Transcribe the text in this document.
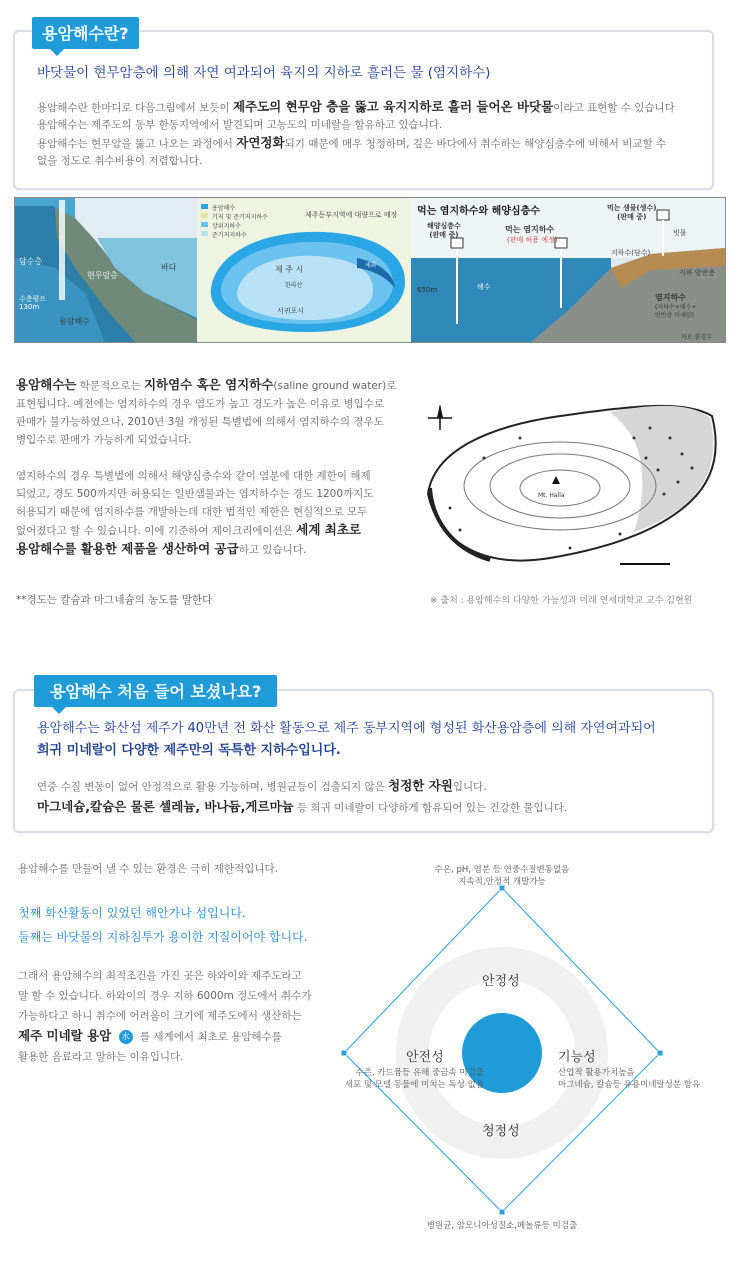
용암해수란?
바닷물이 현무암층에 의해 자연 여과되어 육지의 지하로 흘러든 물 (염지하수)
용암해수란 한마디로 다음그림에서 보듯이 제주도의 현무암 층을 뚫고 육지지하로 흘러 들어온 바닷물이라고 표현할 수 있습니다
용암해수는 제주도의 동부 한동지역에서 발견되며 고농도의 미네랄을 함유하고 있습니다.
용암해수는 현무암을 뚫고 나오는 과정에서 자연정화되기 때문에 매우 청정하며, 깊은 바다에서 취수하는 해양심층수에 비해서 비교할 수
없을 정도로 취수비용이 저렴합니다.
담수층
수층평프
130m
현무암층
바다
용암해수
용암해수
기저 및 준기저지하수
상위지하수
준기저지하수
제주동부지역에 대량으로 매장
제 주 시
한라산
서귀포시
세화
먹는 염지하수와 해양심층수	먹는 샘물(생수)
(판매 중)
해양심층수
(판매 중)
먹는 염지하수
(판매 허용 예정)
빗물
지하수(담수)
650m	해수
지하 암반층
염지하수
(지하수+해수+
암반층 미네랄)
자료:환경부
용암해수는 학문적으로는 지하염수 혹은 염지하수(saline ground water)로
표현됩니다. 예전에는 염지하수의 경우 염도가 높고 경도가 높은 이유로 병입수로
판매가 불가능하였으나, 2010년 3월 개정된 특별법에 의해서 염지하수의 경우도
병입수로 판매가 가능하게 되었습니다.
염지하수의 경우 특별법에 의해서 해양심층수와 같이 염분에 대한 제한이 해제
되었고, 경도 500까지만 허용되는 일반샘물과는 염지하수는 경도 1200까지도
허용되기 때문에 염지하수를 개발하는데 대한 법적인 제한은 현실적으로 모두
없어졌다고 할 수 있습니다. 이에 기준하여 제이크리에이션은 세계 최초로
용암해수를 활용한 제품을 생산하여 공급하고 있습니다.
**경도는 칼슘과 마그네슘의 농도를 말한다
Mt. Halla
※ 출처 : 용암해수의 다양한 가능성과 미래 연세대학교 교수 김현원
용암해수 처음 들어 보셨나요?
용암해수는 화산섬 제주가 40만년 전 화산 활동으로 제주 동부지역에 형성된 화산용암층에 의해 자연여과되어
희귀 미네랄이 다양한 제주만의 독특한 지하수입니다.
연중 수질 변동이 없어 안정적으로 활용 가능하며, 병원균등이 검출되지 않은 청정한 자원입니다.
마그네슘,칼슘은 물론 셀레늄, 바나듐,게르마늄 등 희귀 미네랄이 다양하게 함유되어 있는 건강한 물입니다.
용암해수를 만들어 낼 수 있는 환경은 극히 제한적입니다.
첫째 화산활동이 있었던 해안가나 섬입니다.
둘째는 바닷물의 지하침투가 용이한 지질이어야 합니다.
그래서 용암해수의 최적조건을 가진 곳은 하와이와 제주도라고
말 할 수 있습니다. 하와이의 경우 지하 6000m 정도에서 취수가
가능하다고 하니 취수에 어려움이 크기에 제주도에서 생산하는
제주 미네랄 용암 水 를 세계에서 최초로 용암해수를
활용한 음료라고 말하는 이유입니다.
수온, pH, 염분 등 연중수질변동없음
지속적,안정적 개발가능
안정성
안전성	기능성
청정성
수은, 카드뮴등 유해 중금속 미검출
세포 및 모델 동물에 미치는 독성 없음
산업적 활용가치높음
마그네슘, 칼슘등 유용미네랄성분 함유
병원균, 암모니아성질소,페놀류등 미검출
